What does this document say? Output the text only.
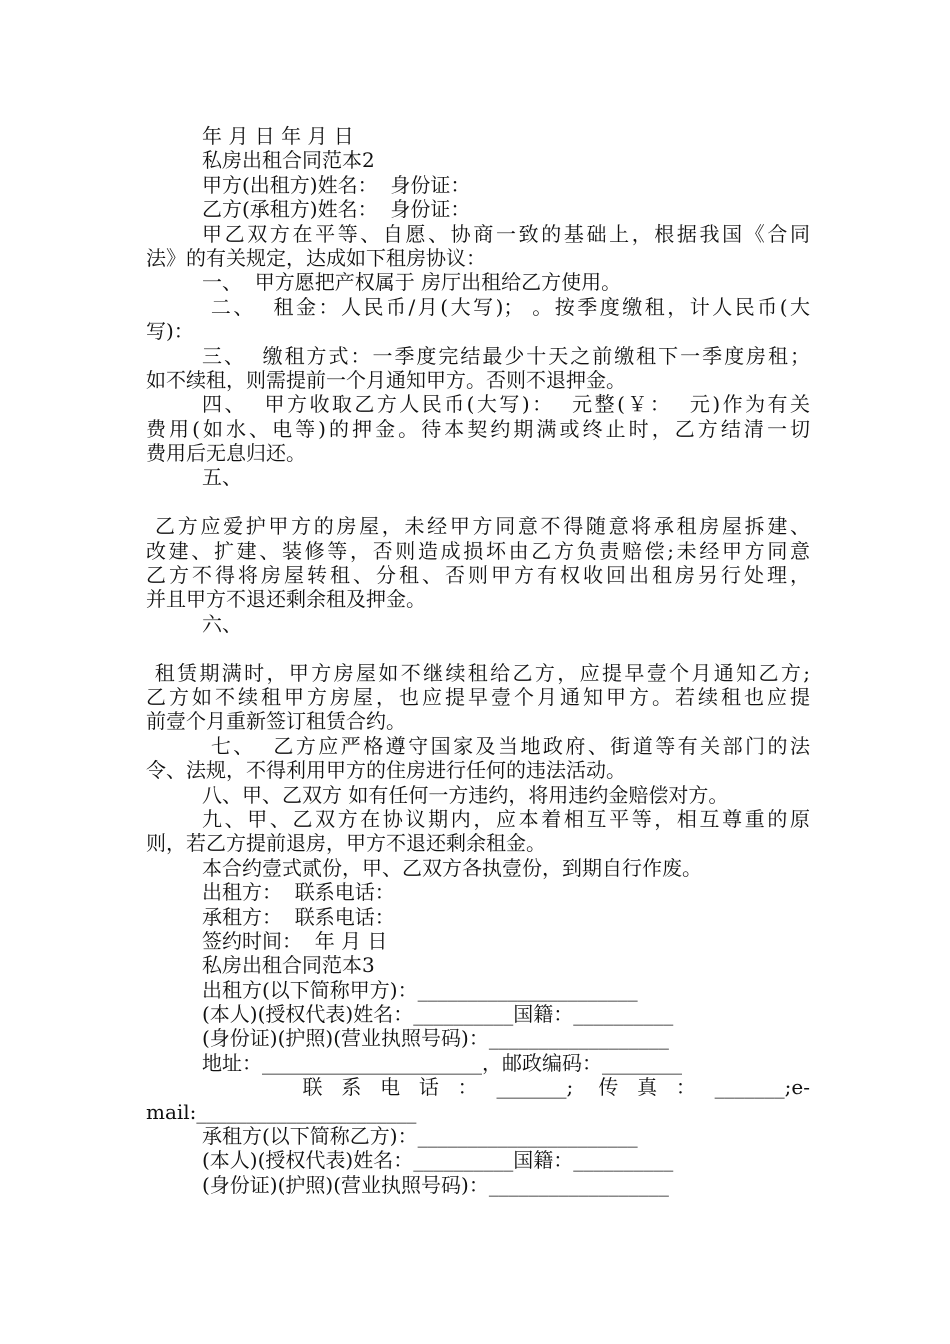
年 月 日 年 月 日
私房出租合同范本2
甲方(出租方)姓名：  身份证：
乙方(承租方)姓名：  身份证：
甲乙双方在平等、自愿、协商一致的基础上，根据我国《合同
法》的有关规定，达成如下租房协议：
一、  甲方愿把产权属于 房厅出租给乙方使用。
二、  租金：人民币/月(大写)； 。按季度缴租，计人民币(大
写)：
三、  缴租方式：一季度完结最少十天之前缴租下一季度房租；
如不续租，则需提前一个月通知甲方。否则不退押金。
四、  甲方收取乙方人民币(大写)：  元整(￥：  元)作为有关
费用(如水、电等)的押金。待本契约期满或终止时，乙方结清一切
费用后无息归还。
五、
乙方应爱护甲方的房屋，未经甲方同意不得随意将承租房屋拆建、
改建、扩建、装修等，否则造成损坏由乙方负责赔偿;未经甲方同意
乙方不得将房屋转租、分租、否则甲方有权收回出租房另行处理，
并且甲方不退还剩余租及押金。
六、
租赁期满时，甲方房屋如不继续租给乙方，应提早壹个月通知乙方;
乙方如不续租甲方房屋，也应提早壹个月通知甲方。若续租也应提
前壹个月重新签订租赁合约。
七、  乙方应严格遵守国家及当地政府、街道等有关部门的法
令、法规，不得利用甲方的住房进行任何的违法活动。
八、甲、乙双方 如有任何一方违约，将用违约金赔偿对方。
九、甲、乙双方在协议期内，应本着相互平等，相互尊重的原
则，若乙方提前退房，甲方不退还剩余租金。
本合约壹式贰份，甲、乙双方各执壹份，到期自行作废。
出租方：  联系电话：
承租方：  联系电话：
签约时间：  年 月 日
私房出租合同范本3
出租方(以下简称甲方)：______________________
(本人)(授权代表)姓名：__________国籍：__________
(身份证)(护照)(营业执照号码)：__________________
地址：______________________，邮政编码：________
联 系 电 话 ： _______;  传 真 ： _______;e-
mail:______________________
承租方(以下简称乙方)：______________________
(本人)(授权代表)姓名：__________国籍：__________
(身份证)(护照)(营业执照号码)：__________________
